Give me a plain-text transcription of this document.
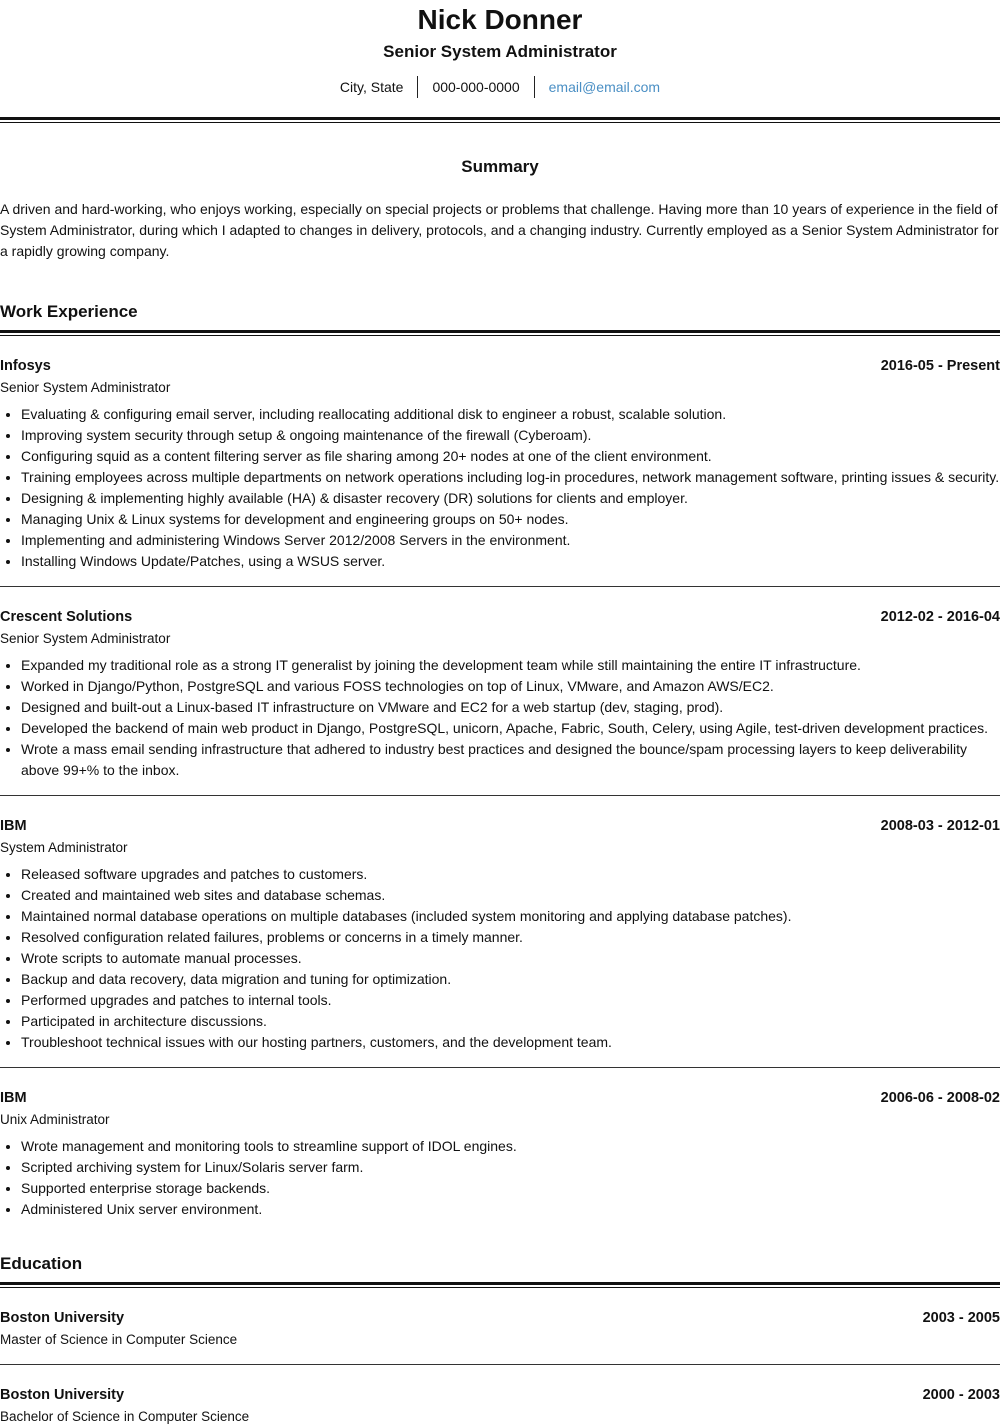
Nick Donner
Senior System Administrator
City, State	000-000-0000	email@email.com
Summary
A driven and hard-working, who enjoys working, especially on special projects or problems that challenge. Having more than 10 years of experience in the field of System Administrator, during which I adapted to changes in delivery, protocols, and a changing industry. Currently employed as a Senior System Administrator for a rapidly growing company.
Work Experience
Infosys	2016-05 - Present
Senior System Administrator
• Evaluating & configuring email server, including reallocating additional disk to engineer a robust, scalable solution.
• Improving system security through setup & ongoing maintenance of the firewall (Cyberoam).
• Configuring squid as a content filtering server as file sharing among 20+ nodes at one of the client environment.
• Training employees across multiple departments on network operations including log-in procedures, network management software, printing issues & security.
• Designing & implementing highly available (HA) & disaster recovery (DR) solutions for clients and employer.
• Managing Unix & Linux systems for development and engineering groups on 50+ nodes.
• Implementing and administering Windows Server 2012/2008 Servers in the environment.
• Installing Windows Update/Patches, using a WSUS server.
Crescent Solutions	2012-02 - 2016-04
Senior System Administrator
• Expanded my traditional role as a strong IT generalist by joining the development team while still maintaining the entire IT infrastructure.
• Worked in Django/Python, PostgreSQL and various FOSS technologies on top of Linux, VMware, and Amazon AWS/EC2.
• Designed and built-out a Linux-based IT infrastructure on VMware and EC2 for a web startup (dev, staging, prod).
• Developed the backend of main web product in Django, PostgreSQL, unicorn, Apache, Fabric, South, Celery, using Agile, test-driven development practices.
• Wrote a mass email sending infrastructure that adhered to industry best practices and designed the bounce/spam processing layers to keep deliverability above 99+% to the inbox.
IBM	2008-03 - 2012-01
System Administrator
• Released software upgrades and patches to customers.
• Created and maintained web sites and database schemas.
• Maintained normal database operations on multiple databases (included system monitoring and applying database patches).
• Resolved configuration related failures, problems or concerns in a timely manner.
• Wrote scripts to automate manual processes.
• Backup and data recovery, data migration and tuning for optimization.
• Performed upgrades and patches to internal tools.
• Participated in architecture discussions.
• Troubleshoot technical issues with our hosting partners, customers, and the development team.
IBM	2006-06 - 2008-02
Unix Administrator
• Wrote management and monitoring tools to streamline support of IDOL engines.
• Scripted archiving system for Linux/Solaris server farm.
• Supported enterprise storage backends.
• Administered Unix server environment.
Education
Boston University	2003 - 2005
Master of Science in Computer Science
Boston University	2000 - 2003
Bachelor of Science in Computer Science
